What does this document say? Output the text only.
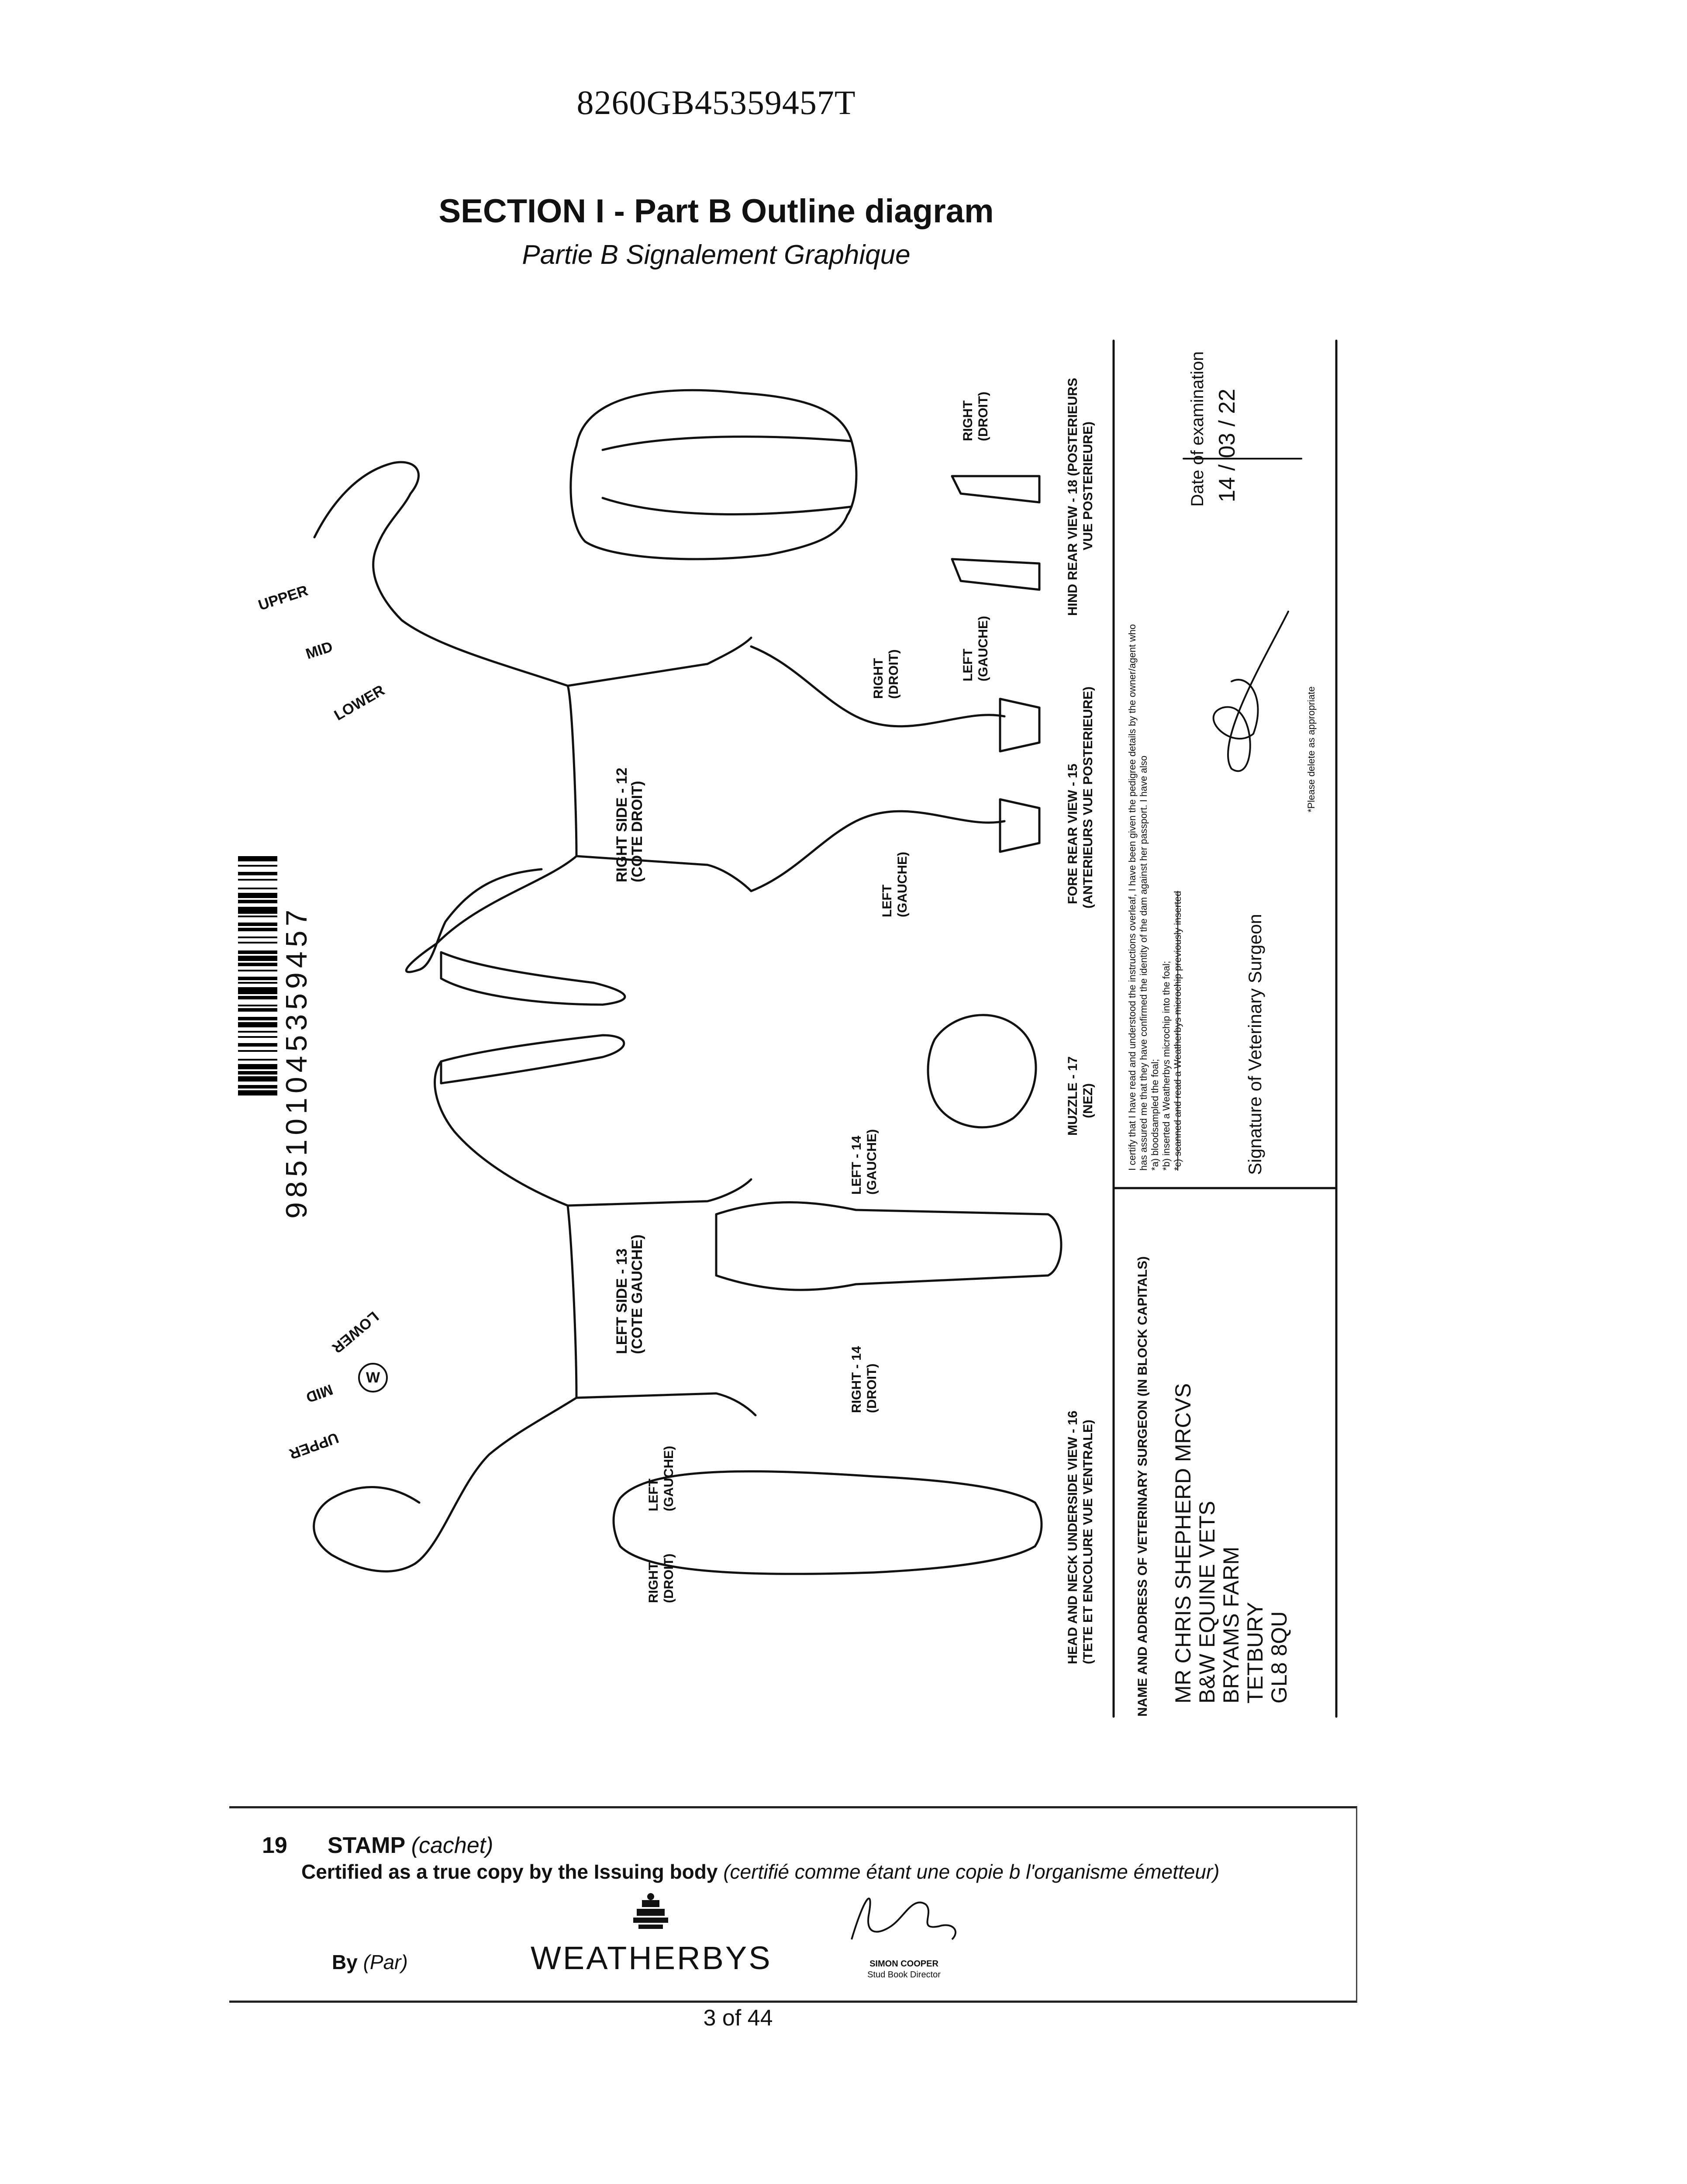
8260GB45359457T
SECTION I - Part B Outline diagram
Partie B Signalement Graphique
985101045359457
RIGHT SIDE - 12
(COTE DROIT)
LEFT SIDE - 13
(COTE GAUCHE)
LEFT - 14 (GAUCHE)
RIGHT - 14 (DROIT)
LEFT (GAUCHE)
RIGHT (DROIT)	LEFT (GAUCHE)
RIGHT (DROIT)
LEFT (GAUCHE)
RIGHT (DROIT)
FORE REAR VIEW - 15 (ANTERIEURS VUE POSTERIEURE)
HIND REAR VIEW - 18 (POSTERIEURS VUE POSTERIEURE)
MUZZLE - 17 (NEZ)
HEAD AND NECK UNDERSIDE VIEW - 16 (TETE ET ENCOLURE VUE VENTRALE)
UPPER
MID
LOWER
UPPER
MID
LOWER
W	NAME AND ADDRESS OF VETERINARY SURGEON (IN BLOCK CAPITALS) MR CHRIS SHEPHERD MRCVS B&W EQUINE VETS BRYAMS FARM TETBURY GL8 8QU
I certify that I have read and understood the instructions overleaf, I have been given the pedigree details by the owner/agent who has assured me that they have confirmed the identity of the dam against her passport. I have also *a) bloodsampled the foal; *b) inserted a Weatherbys microchip into the foal; *c) scanned and read a Weatherbys microchip previously inserted	Signature of Veterinary Surgeon
*Please delete as appropriate
Date of examination 14 / 03 / 22
19 STAMP (cachet)
Certified as a true copy by the Issuing body (certifié comme étant une copie b l'organisme émetteur)
By (Par)	WEATHERBYS	SIMON COOPER
Stud Book Director
3 of 44
